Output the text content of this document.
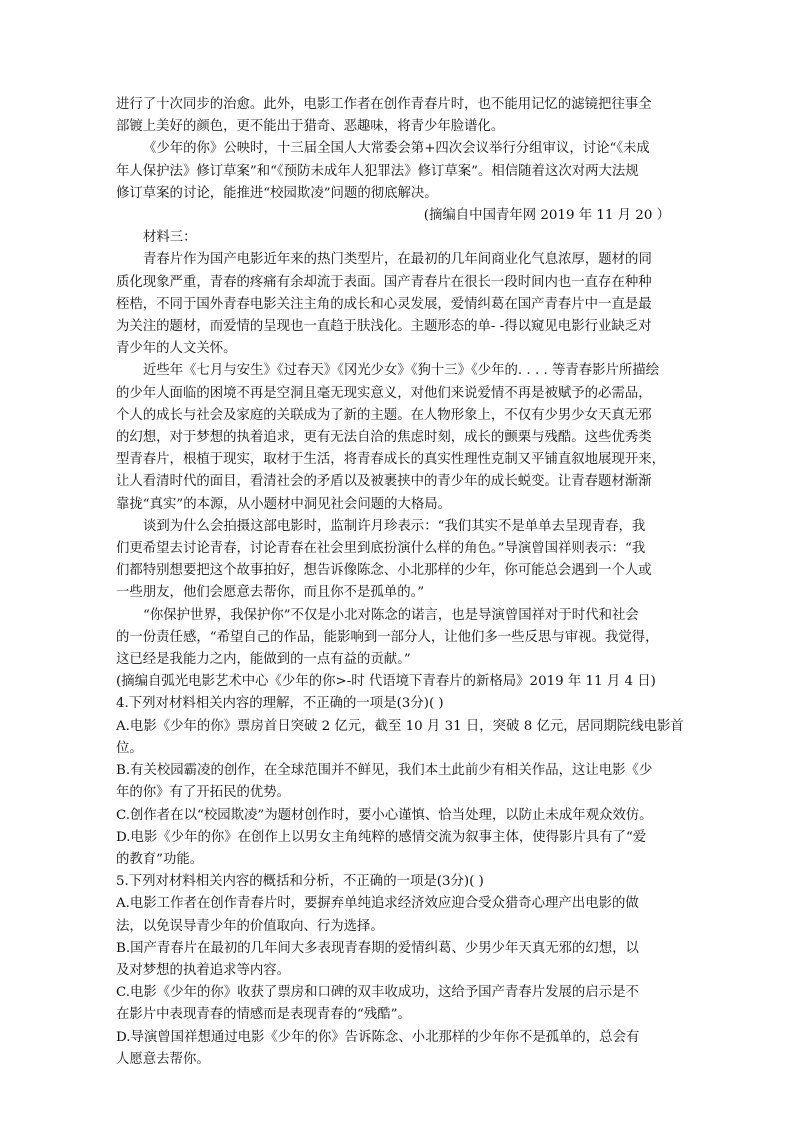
进行了十次同步的治愈。此外，电影工作者在创作青春片时，也不能用记忆的滤镜把往事全

部镀上美好的颜色，更不能出于猎奇、恶趣味，将青少年脸谱化。

《少年的你》公映时，十三届全国人大常委会第+四次会议举行分组审议，讨论“《未成

年人保护法》修订草案”和“《预防未成年人犯罪法》修订草案”。相信随着这次对两大法规

修订草案的讨论，能推进“校园欺凌”问题的彻底解决。

(摘编自中国青年网 2019 年 11 月 20 ）

材料三：

青春片作为国产电影近年来的热门类型片，在最初的几年间商业化气息浓厚，题材的同

质化现象严重，青春的疼痛有余却流于表面。国产青春片在很长一段时间内也一直存在种种

桎梏，不同于国外青春电影关注主角的成长和心灵发展，爱情纠葛在国产青春片中一直是最

为关注的题材，而爱情的呈现也一直趋于肤浅化。主题形态的单- -得以窥见电影行业缺乏对

青少年的人文关怀。

近些年《七月与安生》《过春天》《冈光少女》《狗十三》《少年的. . . . 等青春影片所描绘

的少年人面临的困境不再是空洞且毫无现实意义，对他们来说爱情不再是被赋予的必需品，

个人的成长与社会及家庭的关联成为了新的主题。在人物形象上，不仅有少男少女天真无邪

的幻想，对于梦想的执着追求，更有无法自洽的焦虑时刻，成长的颤栗与残酷。这些优秀类

型青春片，根植于现实，取材于生活，将青春成长的真实性理性克制又平铺直叙地展现开来，

让人看清时代的面目，看清社会的矛盾以及被裹挟中的青少年的成长蜕变。让青春题材渐渐

靠拢“真实”的本源，从小题材中洞见社会问题的大格局。

谈到为什么会拍摄这部电影时，监制许月珍表示：“我们其实不是单单去呈现青春，我

们更希望去讨论青春，讨论青春在社会里到底扮演什么样的角色。”导演曾国祥则表示：“我

们都特别想要把这个故事拍好，想告诉像陈念、小北那样的少年，你可能总会遇到一个人或

一些朋友，他们会愿意去帮你，而且你不是孤单的。”

“你保护世界，我保护你”不仅是小北对陈念的诺言，也是导演曾国祥对于时代和社会

的一份责任感，“希望自己的作品，能影响到一部分人，让他们多一些反思与审视。我觉得，

这已经是我能力之内，能做到的一点有益的贡献。”

(摘编自弧光电影艺术中心《少年的你>-时 代语境下青春片的新格局》2019 年 11 月 4 日)

4.下列对材料相关内容的理解，不正确的一项是(3分)( )

A.电影《少年的你》票房首日突破 2 亿元，截至 10 月 31 日，突破 8 亿元，居同期院线电影首

位。

B.有关校园霸凌的创作，在全球范围并不鲜见，我们本土此前少有相关作品，这让电影《少

年的你》有了开拓民的优势。

C.创作者在以“校园欺凌”为题材创作时，要小心谨慎、恰当处理，以防止未成年观众效仿。

D.电影《少年的你》在创作上以男女主角纯粹的感情交流为叙事主体，使得影片具有了“爱

的教育”功能。

5.下列对材料相关内容的概括和分析，不正确的一项是(3分)( )

A.电影工作者在创作青春片时，要摒弃单纯追求经济效应迎合受众猎奇心理产出电影的做

法，以免误导青少年的价值取向、行为选择。

B.国产青春片在最初的几年间大多表现青春期的爱情纠葛、少男少年天真无邪的幻想，以

及对梦想的执着追求等内容。

C.电影《少年的你》收获了票房和口碑的双丰收成功，这给予国产青春片发展的启示是不

在影片中表现青春的情感而是表现青春的“残酷”。

D.导演曾国祥想通过电影《少年的你》告诉陈念、小北那样的少年你不是孤单的，总会有

人愿意去帮你。
